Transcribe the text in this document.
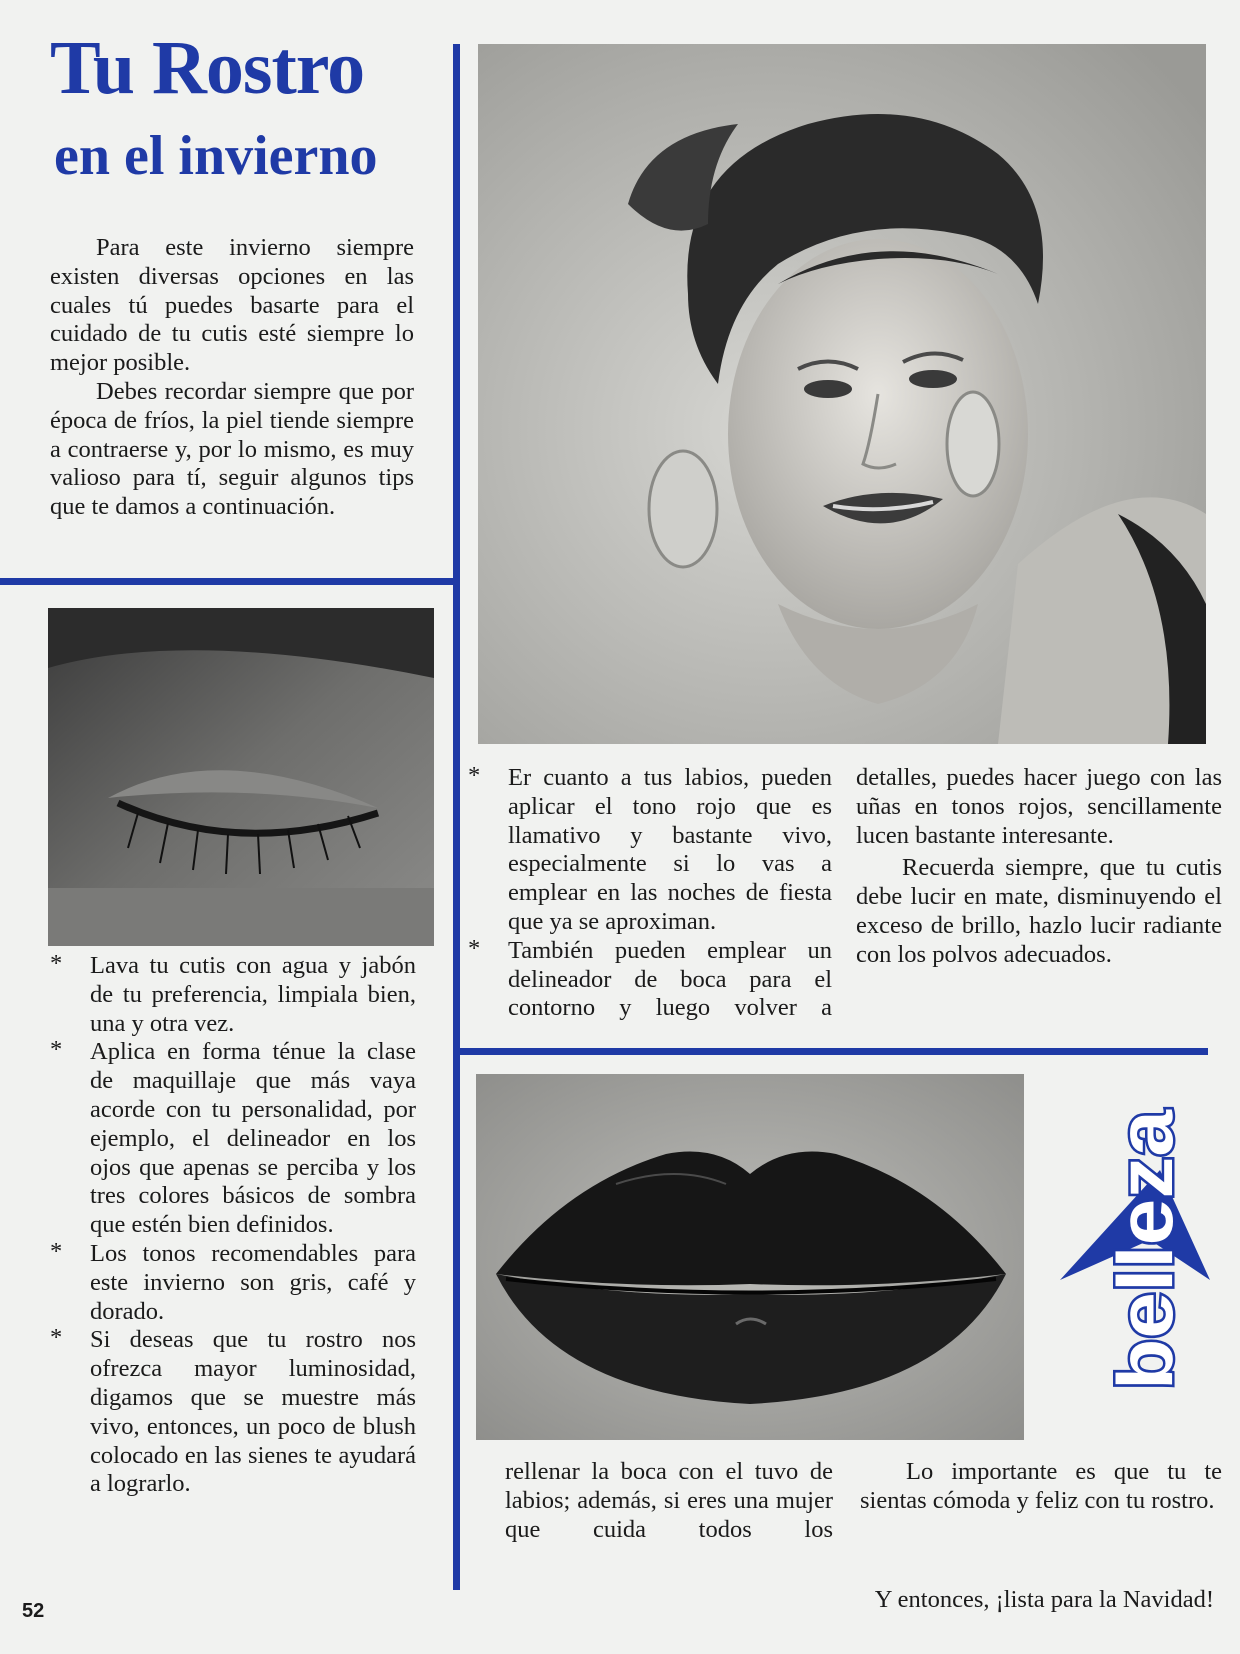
Tu Rostro
en el invierno

Para este invierno siempre existen diversas opciones en las cuales tú puedes basarte para el cuidado de tu cutis esté siempre lo mejor posible.

Debes recordar siempre que por época de fríos, la piel tiende siempre a contraerse y, por lo mismo, es muy valioso para tí, seguir algunos tips que te damos a continuación.

* Lava tu cutis con agua y jabón de tu preferencia, limpiala bien, una y otra vez.

* Aplica en forma ténue la clase de maquillaje que más vaya acorde con tu personalidad, por ejemplo, el delineador en los ojos que apenas se perciba y los tres colores básicos de sombra que estén bien definidos.

* Los tonos recomendables para este invierno son gris, café y dorado.

* Si deseas que tu rostro nos ofrezca mayor luminosidad, digamos que se muestre más vivo, entonces, un poco de blush colocado en las sienes te ayudará a lograrlo.

* Er cuanto a tus labios, pueden aplicar el tono rojo que es llamativo y bastante vivo, especialmente si lo vas a emplear en las noches de fiesta que ya se aproximan.

* También pueden emplear un delineador de boca para el contorno y luego volver a

detalles, puedes hacer juego con las uñas en tonos rojos, sencillamente lucen bastante interesante.

Recuerda siempre, que tu cutis debe lucir en mate, disminuyendo el exceso de brillo, hazlo lucir radiante con los polvos adecuados.

belleza

rellenar la boca con el tuvo de labios; además, si eres una mujer que cuida todos los

Lo importante es que tu te sientas cómoda y feliz con tu rostro.

Y entonces, ¡lista para la Navidad!
52
